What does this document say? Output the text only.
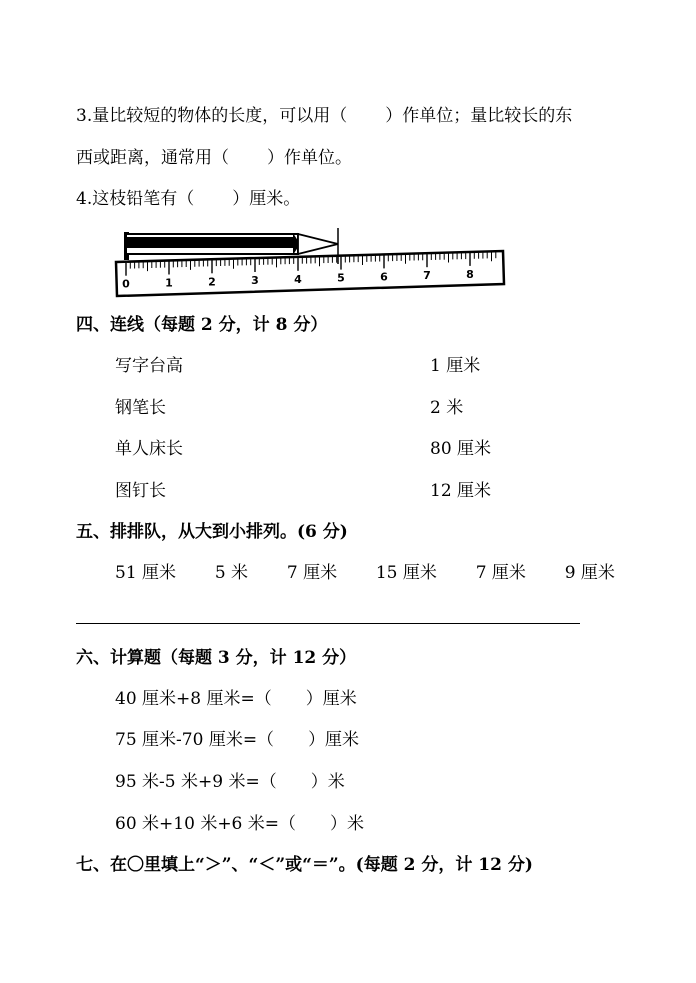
3.量比较短的物体的长度，可以用（ ）作单位；量比较长的东
西或距离，通常用（ ）作单位。
4.这枝铅笔有（ ）厘米。
0	1	2	3	4	5	6	7	8
四、连线（每题 2 分，计 8 分）
写字台高	1 厘米
钢笔长	2 米
单人床长	80 厘米
图钉长	12 厘米
五、排排队，从大到小排列。(6 分)
51 厘米 5 米 7 厘米 15 厘米 7 厘米 9 厘米
六、计算题（每题 3 分，计 12 分）
40 厘米+8 厘米=（ ）厘米
75 厘米-70 厘米=（ ）厘米
95 米-5 米+9 米=（ ）米
60 米+10 米+6 米=（ ）米
七、在〇里填上“＞”、“＜”或“＝”。(每题 2 分，计 12 分)
